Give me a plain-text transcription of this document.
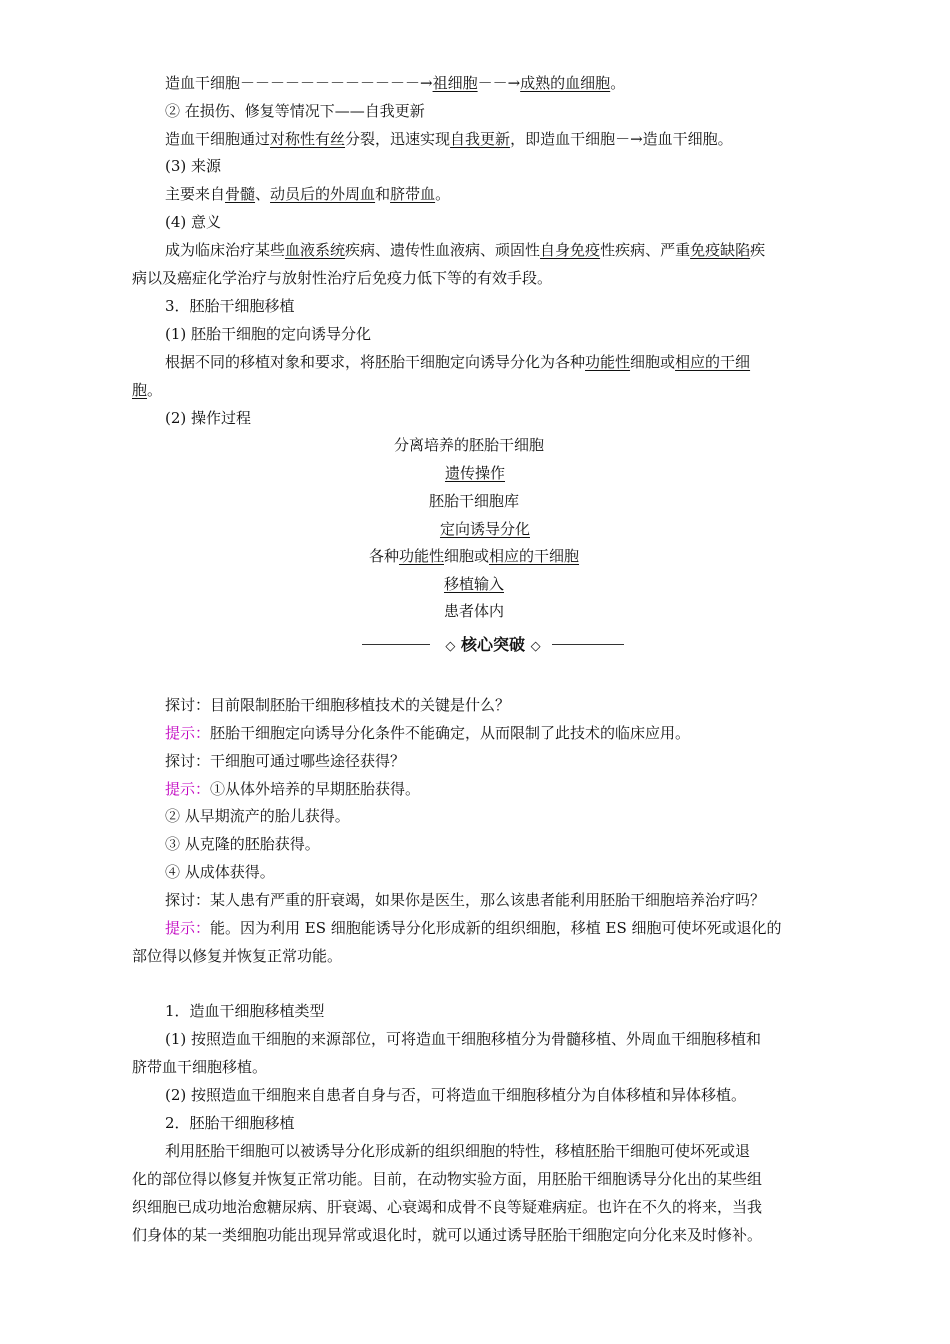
造血干细胞－－－－－－－－－－－－→祖细胞－－→成熟的血细胞。
② 在损伤、修复等情况下——自我更新
造血干细胞通过对称性有丝分裂，迅速实现自我更新，即造血干细胞－→造血干细胞。
(3) 来源
主要来自骨髓、动员后的外周血和脐带血。
(4) 意义
成为临床治疗某些血液系统疾病、遗传性血液病、顽固性自身免疫性疾病、严重免疫缺陷疾
病以及癌症化学治疗与放射性治疗后免疫力低下等的有效手段。
3．胚胎干细胞移植
(1) 胚胎干细胞的定向诱导分化
根据不同的移植对象和要求，将胚胎干细胞定向诱导分化为各种功能性细胞或相应的干细
胞。
(2) 操作过程
分离培养的胚胎干细胞
遗传操作
胚胎干细胞库
定向诱导分化
各种功能性细胞或相应的干细胞
移植输入
患者体内
◇ 核心突破 ◇
探讨：目前限制胚胎干细胞移植技术的关键是什么？
提示：胚胎干细胞定向诱导分化条件不能确定，从而限制了此技术的临床应用。
探讨：干细胞可通过哪些途径获得？
提示：①从体外培养的早期胚胎获得。
② 从早期流产的胎儿获得。
③ 从克隆的胚胎获得。
④ 从成体获得。
探讨：某人患有严重的肝衰竭，如果你是医生，那么该患者能利用胚胎干细胞培养治疗吗？
提示：能。因为利用 ES 细胞能诱导分化形成新的组织细胞，移植 ES 细胞可使坏死或退化的
部位得以修复并恢复正常功能。
1．造血干细胞移植类型
(1) 按照造血干细胞的来源部位，可将造血干细胞移植分为骨髓移植、外周血干细胞移植和
脐带血干细胞移植。
(2) 按照造血干细胞来自患者自身与否，可将造血干细胞移植分为自体移植和异体移植。
2．胚胎干细胞移植
利用胚胎干细胞可以被诱导分化形成新的组织细胞的特性，移植胚胎干细胞可使坏死或退
化的部位得以修复并恢复正常功能。目前，在动物实验方面，用胚胎干细胞诱导分化出的某些组
织细胞已成功地治愈糖尿病、肝衰竭、心衰竭和成骨不良等疑难病症。也许在不久的将来，当我
们身体的某一类细胞功能出现异常或退化时，就可以通过诱导胚胎干细胞定向分化来及时修补。
